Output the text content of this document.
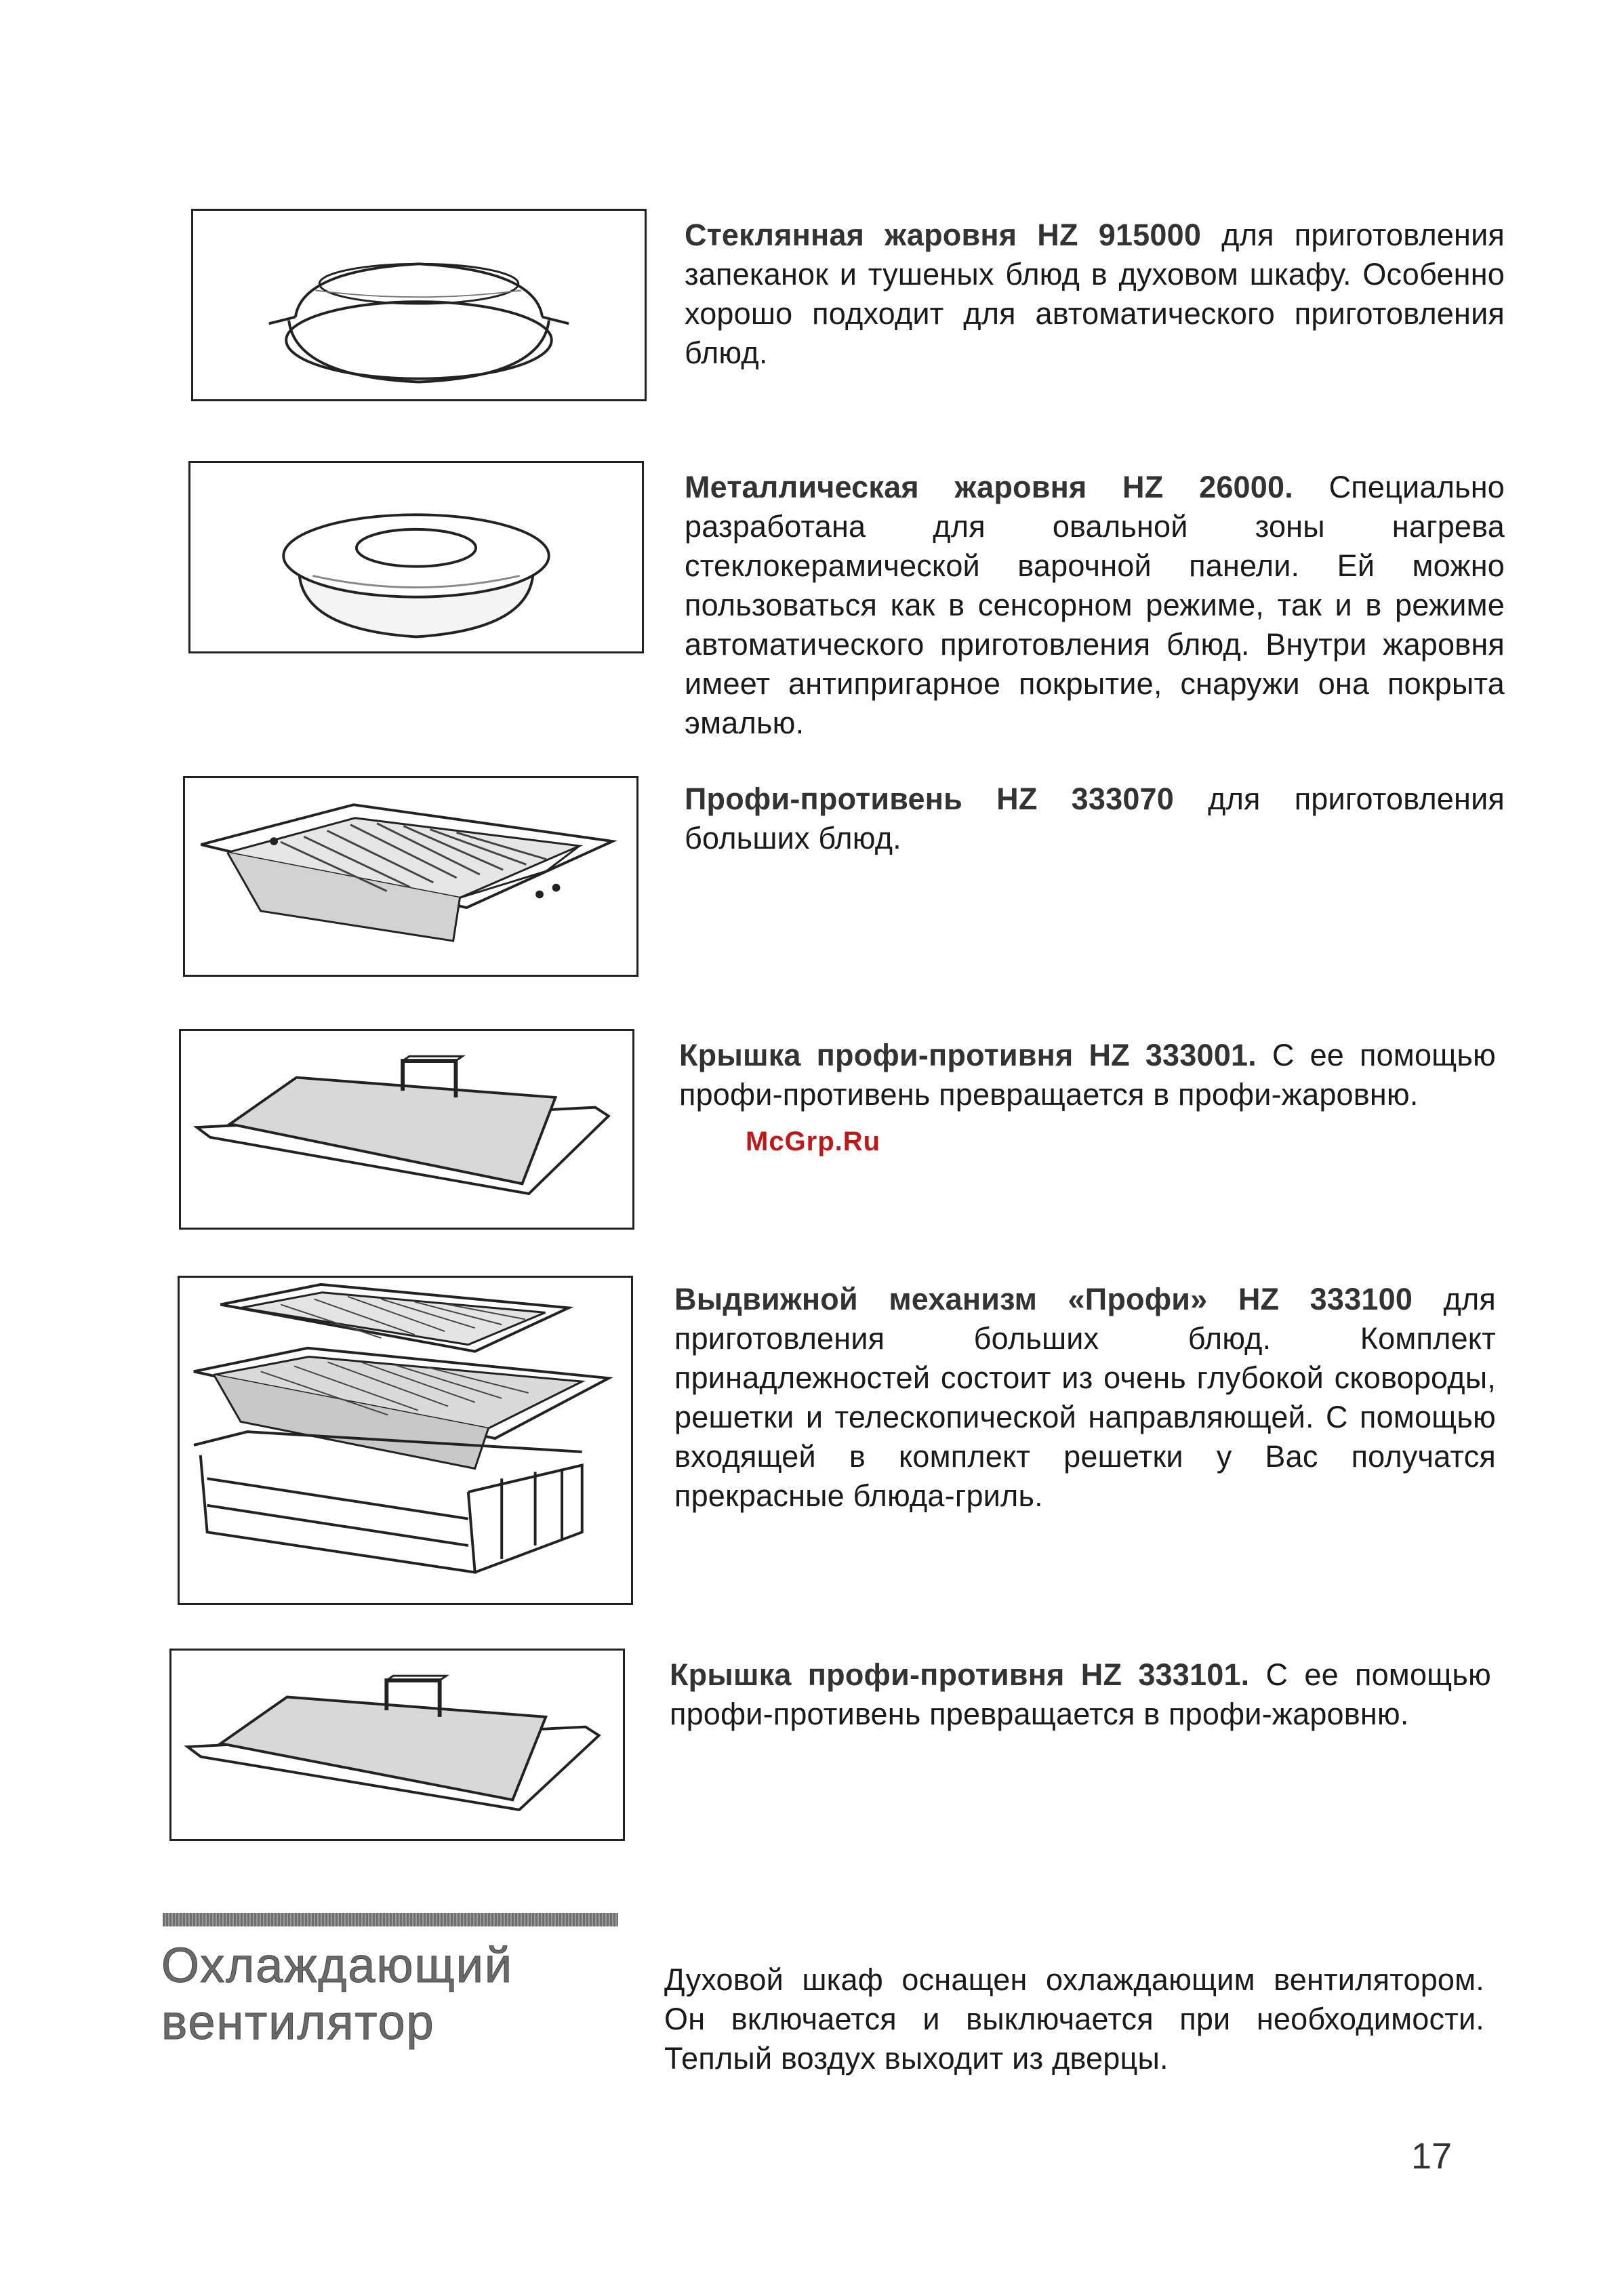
Стеклянная жаровня HZ 915000 для приготовления запеканок и тушеных блюд в духовом шкафу. Особенно хорошо подходит для автоматического приготовления блюд.
Металлическая жаровня HZ 26000. Специально разработана для овальной зоны нагрева стеклокерамической варочной панели. Ей можно пользоваться как в сенсорном режиме, так и в режиме автоматического приготовления блюд. Внутри жаровня имеет антипригарное покрытие, снаружи она покрыта эмалью.
Профи-противень HZ 333070 для приготовления больших блюд.
Крышка профи-противня HZ 333001. С ее помощью профи-противень превращается в профи-жаровню.
McGrp.Ru
Выдвижной механизм «Профи» HZ 333100 для приготовления больших блюд. Комплект принадлежностей состоит из очень глубокой сковороды, решетки и телескопической направляющей. С помощью входящей в комплект решетки у Вас получатся прекрасные блюда-гриль.
Крышка профи-противня HZ 333101. С ее помощью профи-противень превращается в профи-жаровню.
Охлаждающий
вентилятор
Духовой шкаф оснащен охлаждающим вентилятором. Он включается и выключается при необходимости. Теплый воздух выходит из дверцы.
17
